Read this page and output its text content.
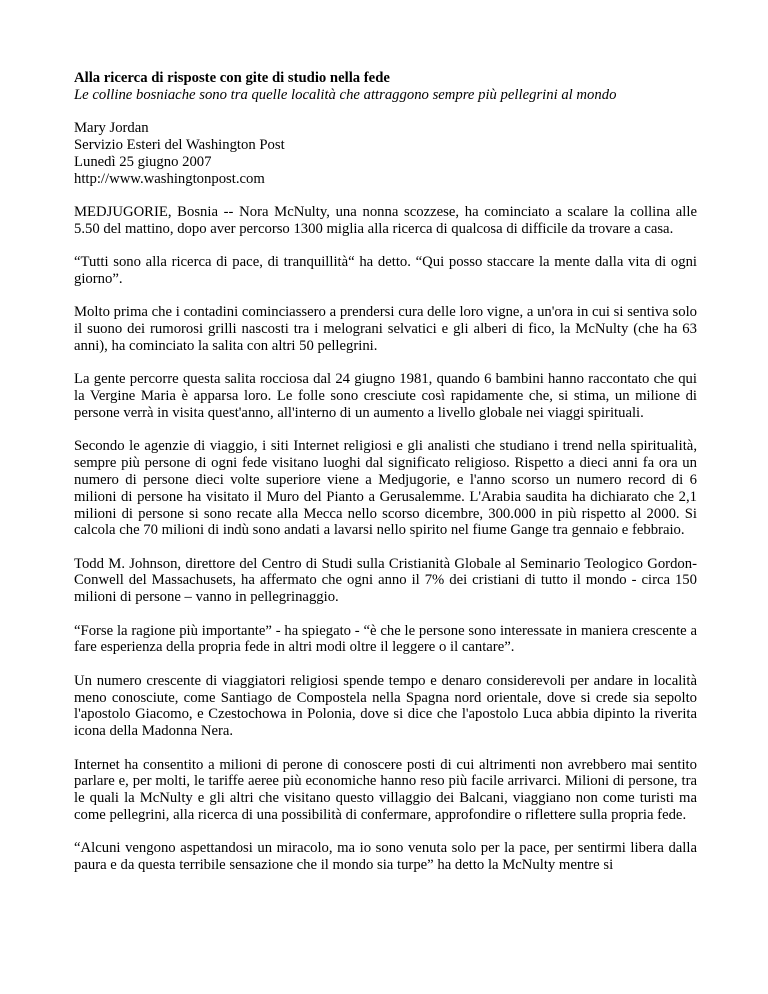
Alla ricerca di risposte con gite di studio nella fede
Le colline bosniache sono tra quelle località che attraggono sempre più pellegrini al mondo

Mary Jordan
Servizio Esteri del Washington Post
Lunedì 25 giugno 2007
http://www.washingtonpost.com

MEDJUGORIE, Bosnia -- Nora McNulty, una nonna scozzese, ha cominciato a scalare la collina alle 5.50 del mattino, dopo aver percorso 1300 miglia alla ricerca di qualcosa di difficile da trovare a casa.

“Tutti sono alla ricerca di pace, di tranquillità“ ha detto. “Qui posso staccare la mente dalla vita di ogni giorno”.

Molto prima che i contadini cominciassero a prendersi cura delle loro vigne, a un'ora in cui si sentiva solo il suono dei rumorosi grilli nascosti tra i melograni selvatici e gli alberi di fico, la McNulty (che ha 63 anni), ha cominciato la salita con altri 50 pellegrini.

La gente percorre questa salita rocciosa dal 24 giugno 1981, quando 6 bambini hanno raccontato che qui la Vergine Maria è apparsa loro. Le folle sono cresciute così rapidamente che, si stima, un milione di persone verrà in visita quest'anno, all'interno di un aumento a livello globale nei viaggi spirituali.

Secondo le agenzie di viaggio, i siti Internet religiosi e gli analisti che studiano i trend nella spiritualità, sempre più persone di ogni fede visitano luoghi dal significato religioso. Rispetto a dieci anni fa ora un numero di persone dieci volte superiore viene a Medjugorie, e l'anno scorso un numero record di 6 milioni di persone ha visitato il Muro del Pianto a Gerusalemme. L'Arabia saudita ha dichiarato che 2,1 milioni di persone si sono recate alla Mecca nello scorso dicembre, 300.000 in più rispetto al 2000. Si calcola che 70 milioni di indù sono andati a lavarsi nello spirito nel fiume Gange tra gennaio e febbraio.

Todd M. Johnson, direttore del Centro di Studi sulla Cristianità Globale al Seminario Teologico Gordon-Conwell del Massachusets, ha affermato che ogni anno il 7% dei cristiani di tutto il mondo - circa 150 milioni di persone – vanno in pellegrinaggio.

“Forse la ragione più importante” - ha spiegato - “è che le persone sono interessate in maniera crescente a fare esperienza della propria fede in altri modi oltre il leggere o il cantare”.

Un numero crescente di viaggiatori religiosi spende tempo e denaro considerevoli per andare in località meno conosciute, come Santiago de Compostela nella Spagna nord orientale, dove si crede sia sepolto l'apostolo Giacomo, e Czestochowa in Polonia, dove si dice che l'apostolo Luca abbia dipinto la riverita icona della Madonna Nera.

Internet ha consentito a milioni di perone di conoscere posti di cui altrimenti non avrebbero mai sentito parlare e, per molti, le tariffe aeree più economiche hanno reso più facile arrivarci. Milioni di persone, tra le quali la McNulty e gli altri che visitano questo villaggio dei Balcani, viaggiano non come turisti ma come pellegrini, alla ricerca di una possibilità di confermare, approfondire o riflettere sulla propria fede.

“Alcuni vengono aspettandosi un miracolo, ma io sono venuta solo per la pace, per sentirmi libera dalla paura e da questa terribile sensazione che il mondo sia turpe” ha detto la McNulty mentre si
